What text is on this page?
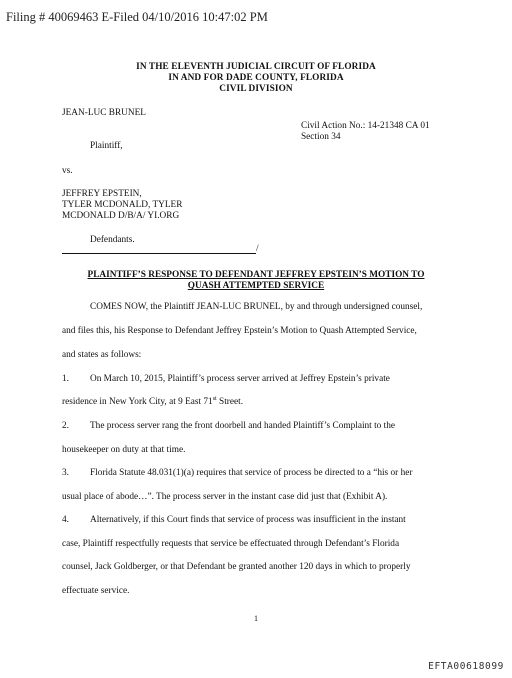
Filing # 40069463 E-Filed 04/10/2016 10:47:02 PM
IN THE ELEVENTH JUDICIAL CIRCUIT OF FLORIDA
IN AND FOR DADE COUNTY, FLORIDA
CIVIL DIVISION
JEAN-LUC BRUNEL
Civil Action No.: 14-21348 CA 01
Section 34
Plaintiff,
vs.
JEFFREY EPSTEIN,
TYLER MCDONALD, TYLER
MCDONALD D/B/A/ YI.ORG
Defendants.
/
PLAINTIFF’S RESPONSE TO DEFENDANT JEFFREY EPSTEIN’S MOTION TO
QUASH ATTEMPTED SERVICE
COMES NOW, the Plaintiff JEAN-LUC BRUNEL, by and through undersigned counsel,
and files this, his Response to Defendant Jeffrey Epstein’s Motion to Quash Attempted Service,
and states as follows:
1. On March 10, 2015, Plaintiff’s process server arrived at Jeffrey Epstein’s private
residence in New York City, at 9 East 71st Street.
2. The process server rang the front doorbell and handed Plaintiff’s Complaint to the
housekeeper on duty at that time.
3. Florida Statute 48.031(1)(a) requires that service of process be directed to a “his or her
usual place of abode…”. The process server in the instant case did just that (Exhibit A).
4. Alternatively, if this Court finds that service of process was insufficient in the instant
case, Plaintiff respectfully requests that service be effectuated through Defendant’s Florida
counsel, Jack Goldberger, or that Defendant be granted another 120 days in which to properly
effectuate service.
1
EFTA00618099
